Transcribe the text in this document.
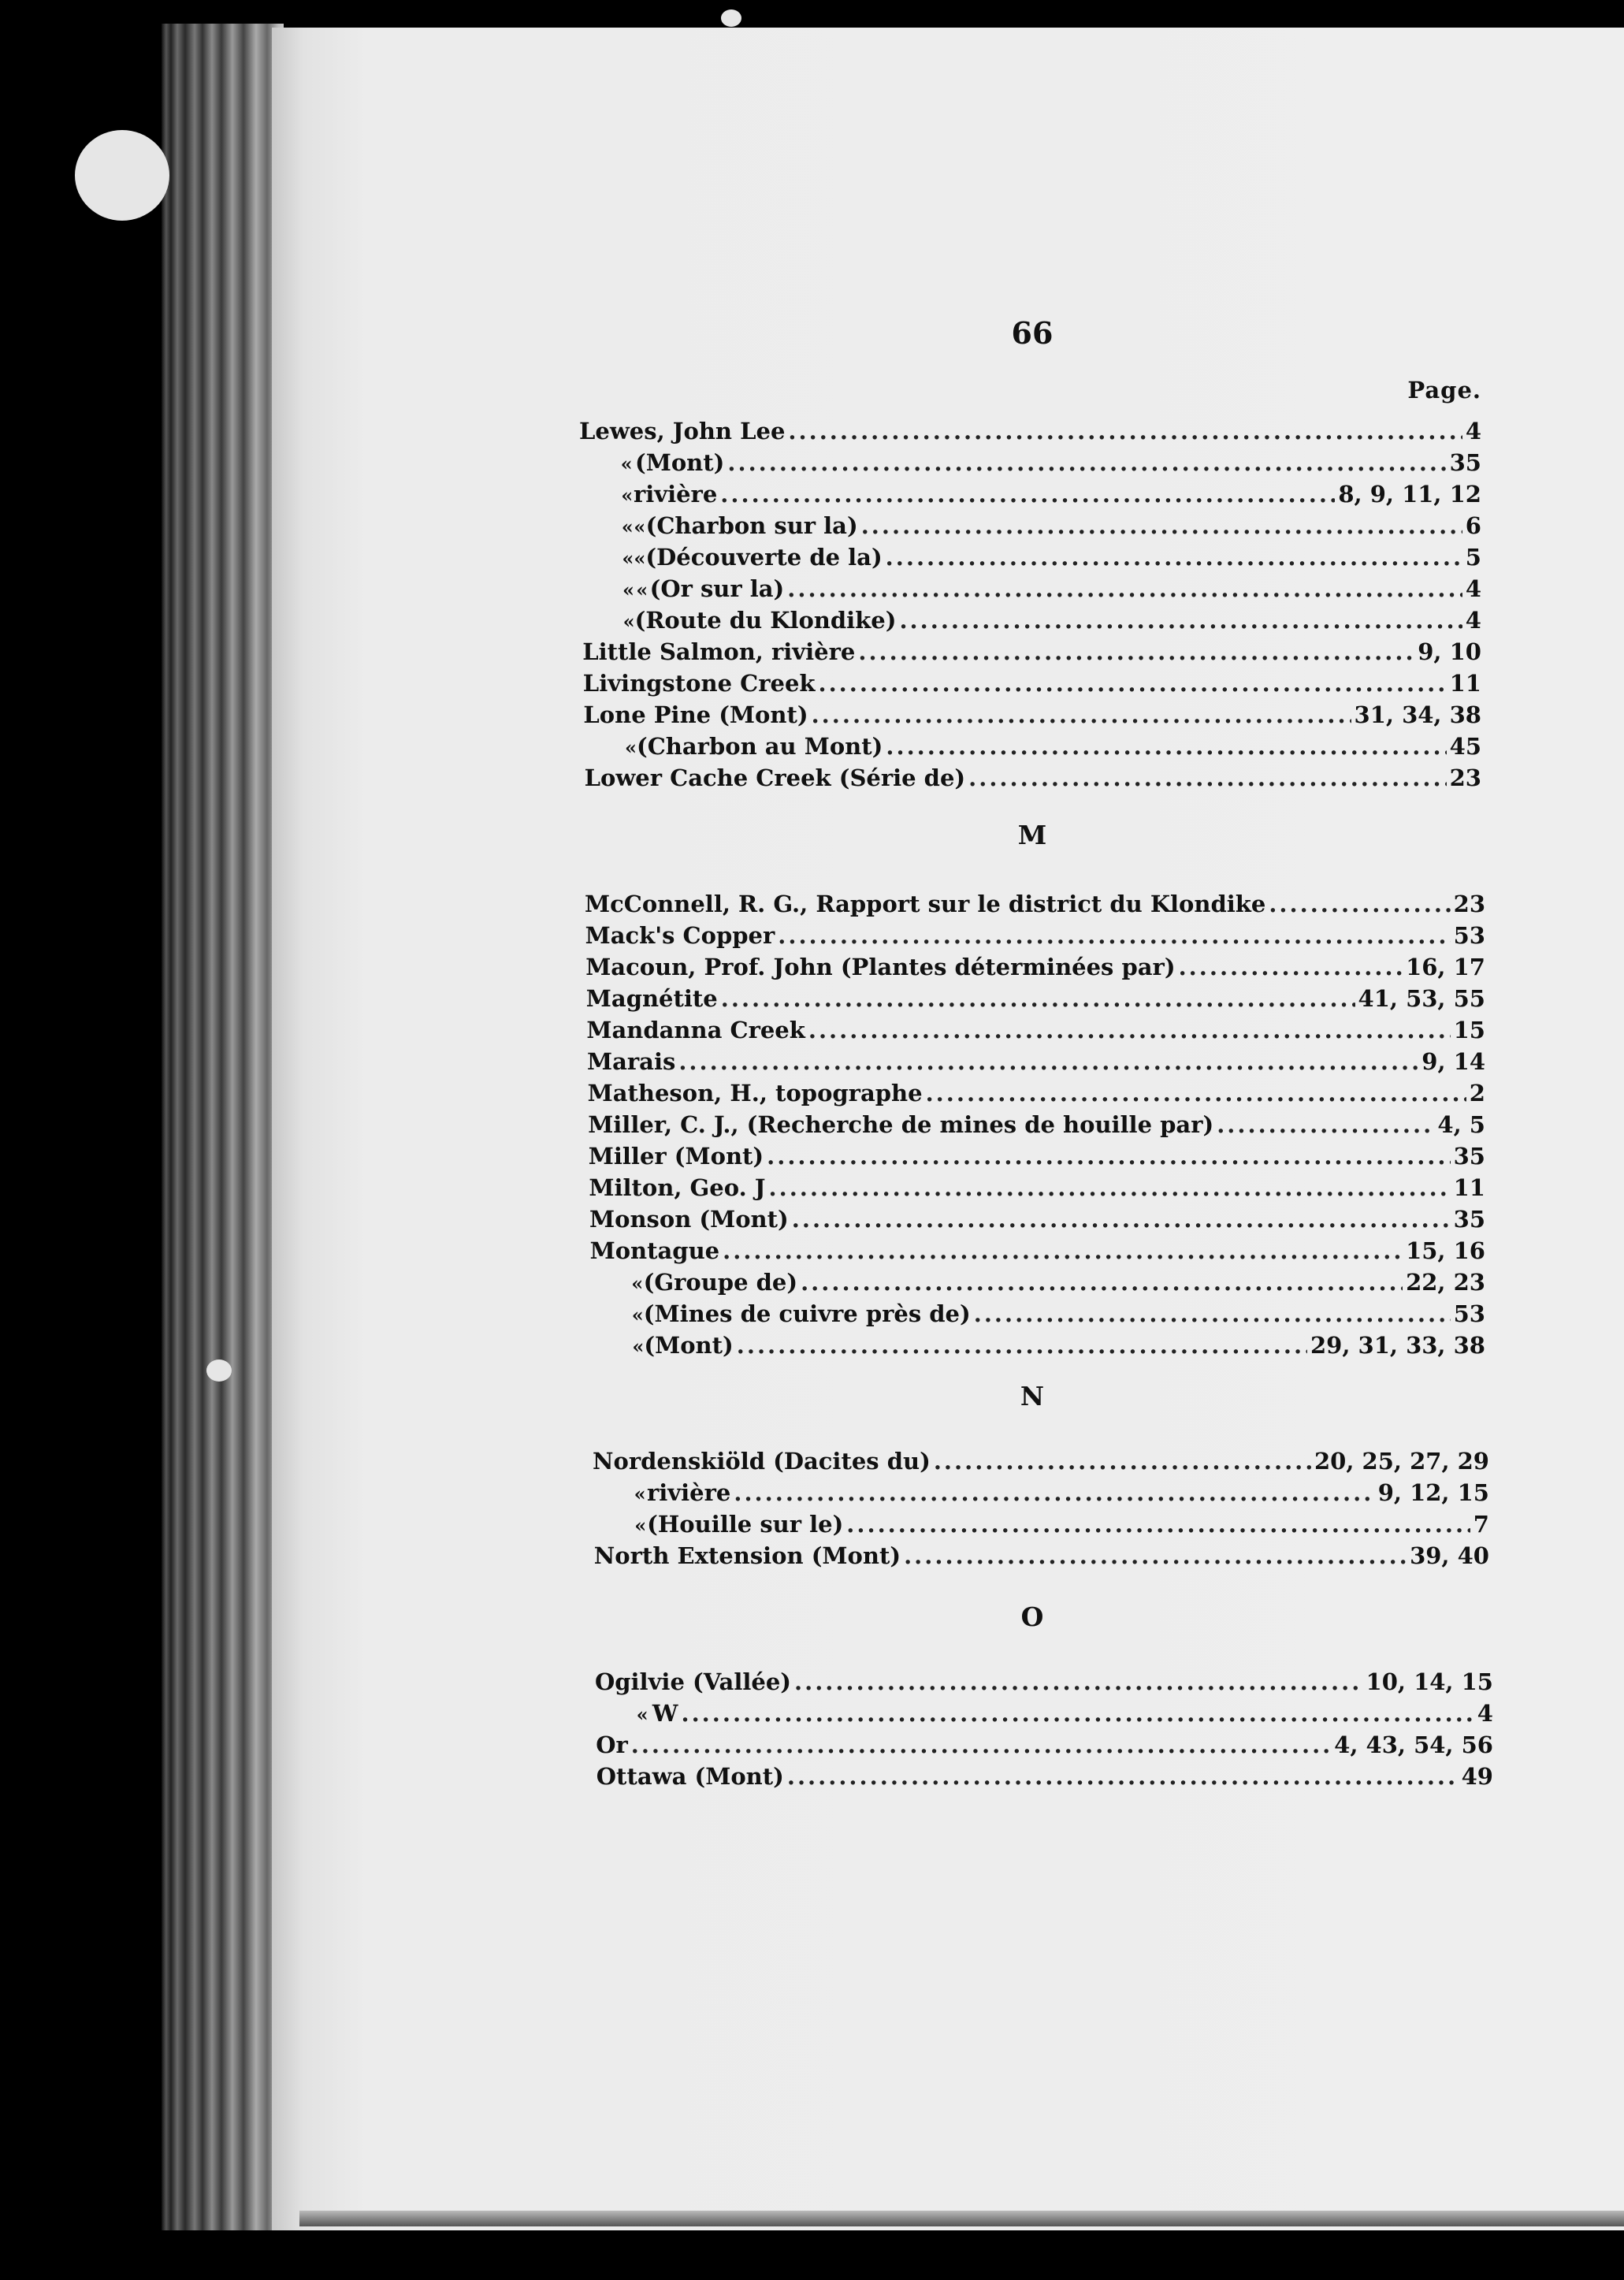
66
Page.
Lewes, John Lee .....	4
« (Mont) .....	35
« rivière .....	8, 9, 11, 12
« « (Charbon sur la) .....	6
« « (Découverte de la) .....	5
« « (Or sur la) .....	4
« (Route du Klondike) .....	4
Little Salmon, rivière .....	9, 10
Livingstone Creek .....	11
Lone Pine (Mont) .....	31, 34, 38
« (Charbon au Mont) .....	45
Lower Cache Creek (Série de) .....	23
M
McConnell, R. G., Rapport sur le district du Klondike .....	23
Mack's Copper .....	53
Macoun, Prof. John (Plantes déterminées par) .....	16, 17
Magnétite .....	41, 53, 55
Mandanna Creek .....	15
Marais .....	9, 14
Matheson, H., topographe .....	2
Miller, C. J., (Recherche de mines de houille par) .....	4, 5
Miller (Mont) .....	35
Milton, Geo. J .....	11
Monson (Mont) .....	35
Montague .....	15, 16
« (Groupe de) .....	22, 23
« (Mines de cuivre près de) .....	53
« (Mont) .....	29, 31, 33, 38
N
Nordenskiöld (Dacites du) .....	20, 25, 27, 29
« rivière .....	9, 12, 15
« (Houille sur le) .....	7
North Extension (Mont) .....	39, 40
O
Ogilvie (Vallée) .....	10, 14, 15
« W .....	4
Or .....	4, 43, 54, 56
Ottawa (Mont) .....	49
